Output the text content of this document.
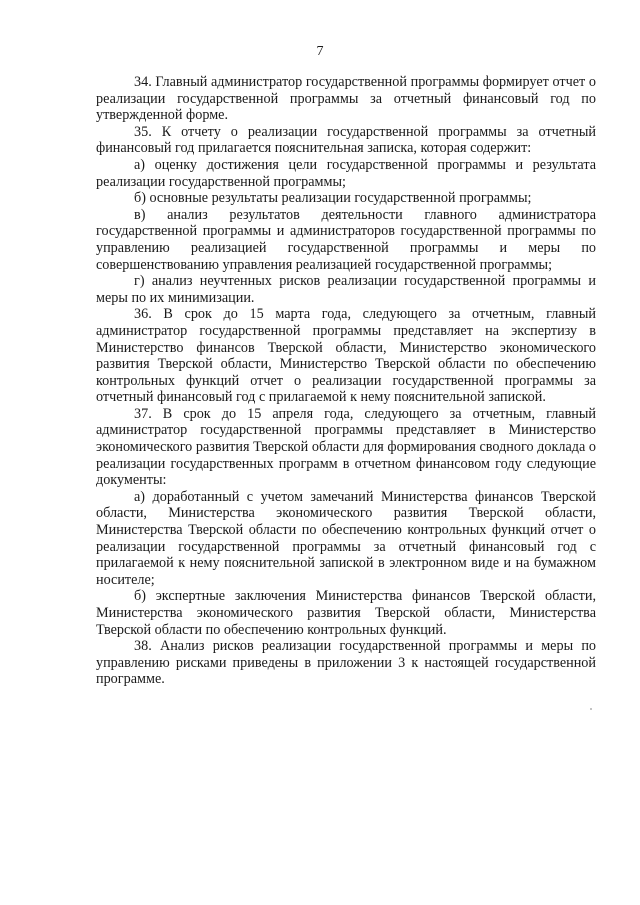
7

34. Главный администратор государственной программы формирует отчет о реализации государственной программы за отчетный финансовый год по утвержденной форме.

35. К отчету о реализации государственной программы за отчетный финансовый год прилагается пояснительная записка, которая содержит:

а) оценку достижения цели государственной программы и результата реализации государственной программы;

б) основные результаты реализации государственной программы;

в) анализ результатов деятельности главного администратора государственной программы и администраторов государственной программы по управлению реализацией государственной программы и меры по совершенствованию управления реализацией государственной программы;

г) анализ неучтенных рисков реализации государственной программы и меры по их минимизации.

36. В срок до 15 марта года, следующего за отчетным, главный администратор государственной программы представляет на экспертизу в Министерство финансов Тверской области, Министерство экономического развития Тверской области, Министерство Тверской области по обеспечению контрольных функций отчет о реализации государственной программы за отчетный финансовый год с прилагаемой к нему пояснительной запиской.

37. В срок до 15 апреля года, следующего за отчетным, главный администратор государственной программы представляет в Министерство экономического развития Тверской области для формирования сводного доклада о реализации государственных программ в отчетном финансовом году следующие документы:

а) доработанный с учетом замечаний Министерства финансов Тверской области, Министерства экономического развития Тверской области, Министерства Тверской области по обеспечению контрольных функций отчет о реализации государственной программы за отчетный финансовый год с прилагаемой к нему пояснительной запиской в электронном виде и на бумажном носителе;

б) экспертные заключения Министерства финансов Тверской области, Министерства экономического развития Тверской области, Министерства Тверской области по обеспечению контрольных функций.

38. Анализ рисков реализации государственной программы и меры по управлению рисками приведены в приложении 3 к настоящей государственной программе.
